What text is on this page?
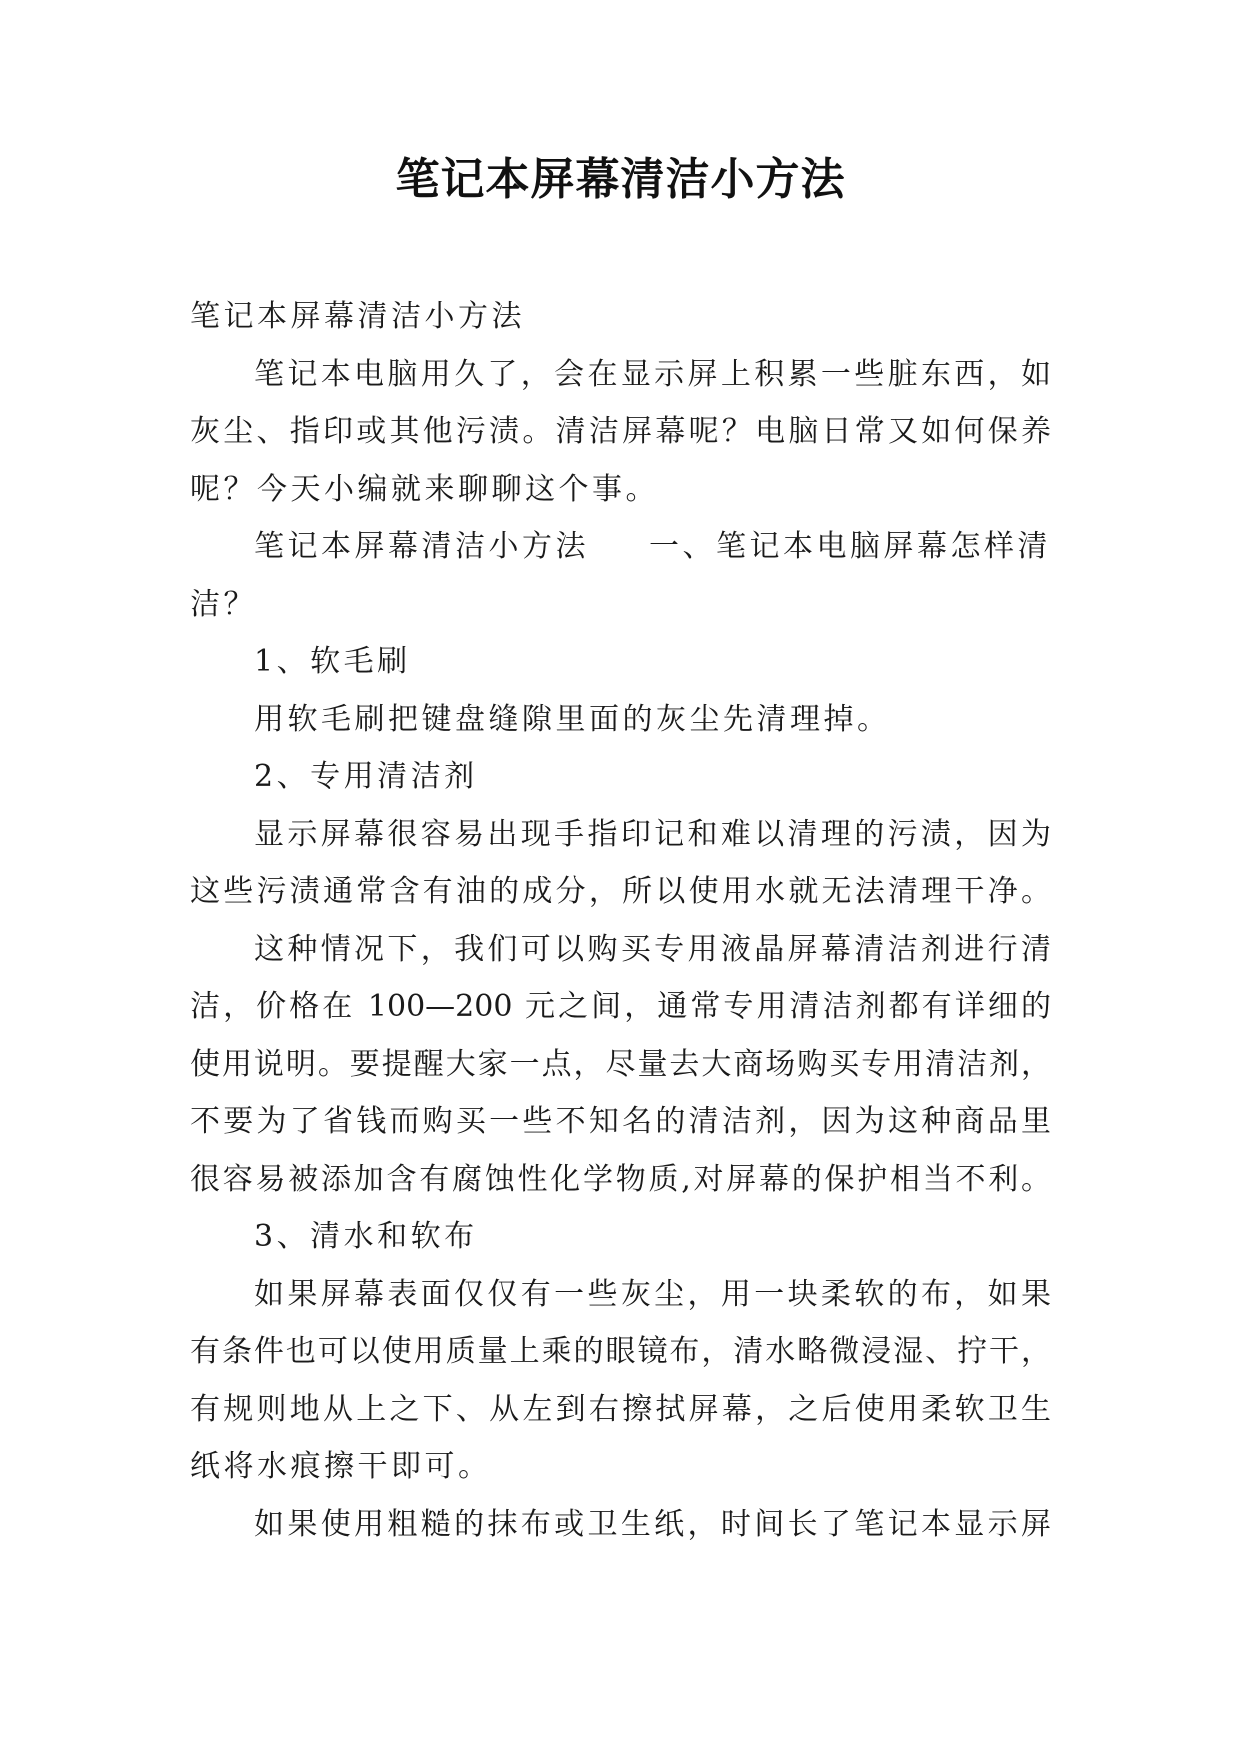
笔记本屏幕清洁小方法
笔记本屏幕清洁小方法
笔记本电脑用久了，会在显示屏上积累一些脏东西，如
灰尘、指印或其他污渍。清洁屏幕呢？电脑日常又如何保养
呢？今天小编就来聊聊这个事。
笔记本屏幕清洁小方法 一、笔记本电脑屏幕怎样清
洁？
1、软毛刷
用软毛刷把键盘缝隙里面的灰尘先清理掉。
2、专用清洁剂
显示屏幕很容易出现手指印记和难以清理的污渍，因为
这些污渍通常含有油的成分，所以使用水就无法清理干净。
这种情况下，我们可以购买专用液晶屏幕清洁剂进行清
洁，价格在 100—200 元之间，通常专用清洁剂都有详细的
使用说明。要提醒大家一点，尽量去大商场购买专用清洁剂，
不要为了省钱而购买一些不知名的清洁剂，因为这种商品里
很容易被添加含有腐蚀性化学物质,对屏幕的保护相当不利。
3、清水和软布
如果屏幕表面仅仅有一些灰尘，用一块柔软的布，如果
有条件也可以使用质量上乘的眼镜布，清水略微浸湿、拧干，
有规则地从上之下、从左到右擦拭屏幕，之后使用柔软卫生
纸将水痕擦干即可。
如果使用粗糙的抹布或卫生纸，时间长了笔记本显示屏
